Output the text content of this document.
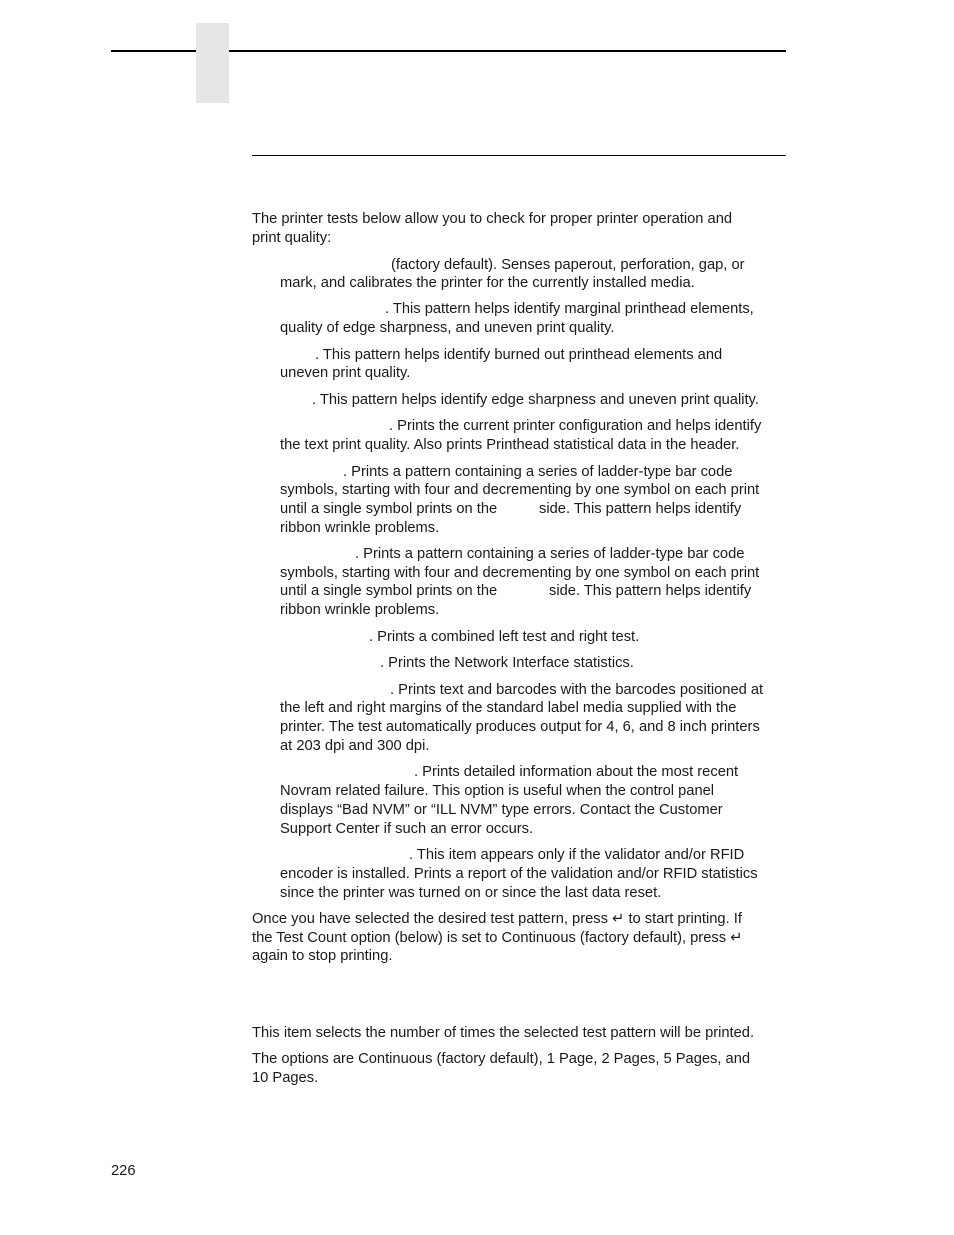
The printer tests below allow you to check for proper printer operation and

print quality:

(factory default). Senses paperout, perforation, gap, or

mark, and calibrates the printer for the currently installed media.

. This pattern helps identify marginal printhead elements,

quality of edge sharpness, and uneven print quality.

. This pattern helps identify burned out printhead elements and

uneven print quality.

. This pattern helps identify edge sharpness and uneven print quality.

. Prints the current printer configuration and helps identify

the text print quality. Also prints Printhead statistical data in the header.

. Prints a pattern containing a series of ladder-type bar code

symbols, starting with four and decrementing by one symbol on each print

until a single symbol prints on the	side. This pattern helps identify

ribbon wrinkle problems.

. Prints a pattern containing a series of ladder-type bar code

symbols, starting with four and decrementing by one symbol on each print

until a single symbol prints on the	side. This pattern helps identify

ribbon wrinkle problems.

. Prints a combined left test and right test.

. Prints the Network Interface statistics.

. Prints text and barcodes with the barcodes positioned at

the left and right margins of the standard label media supplied with the

printer. The test automatically produces output for 4, 6, and 8 inch printers

at 203 dpi and 300 dpi.

. Prints detailed information about the most recent

Novram related failure. This option is useful when the control panel

displays “Bad NVM” or “ILL NVM” type errors. Contact the Customer

Support Center if such an error occurs.

. This item appears only if the validator and/or RFID

encoder is installed. Prints a report of the validation and/or RFID statistics

since the printer was turned on or since the last data reset.

Once you have selected the desired test pattern, press ↵ to start printing. If

the Test Count option (below) is set to Continuous (factory default), press ↵

again to stop printing.

This item selects the number of times the selected test pattern will be printed.

The options are Continuous (factory default), 1 Page, 2 Pages, 5 Pages, and

10 Pages.

226
